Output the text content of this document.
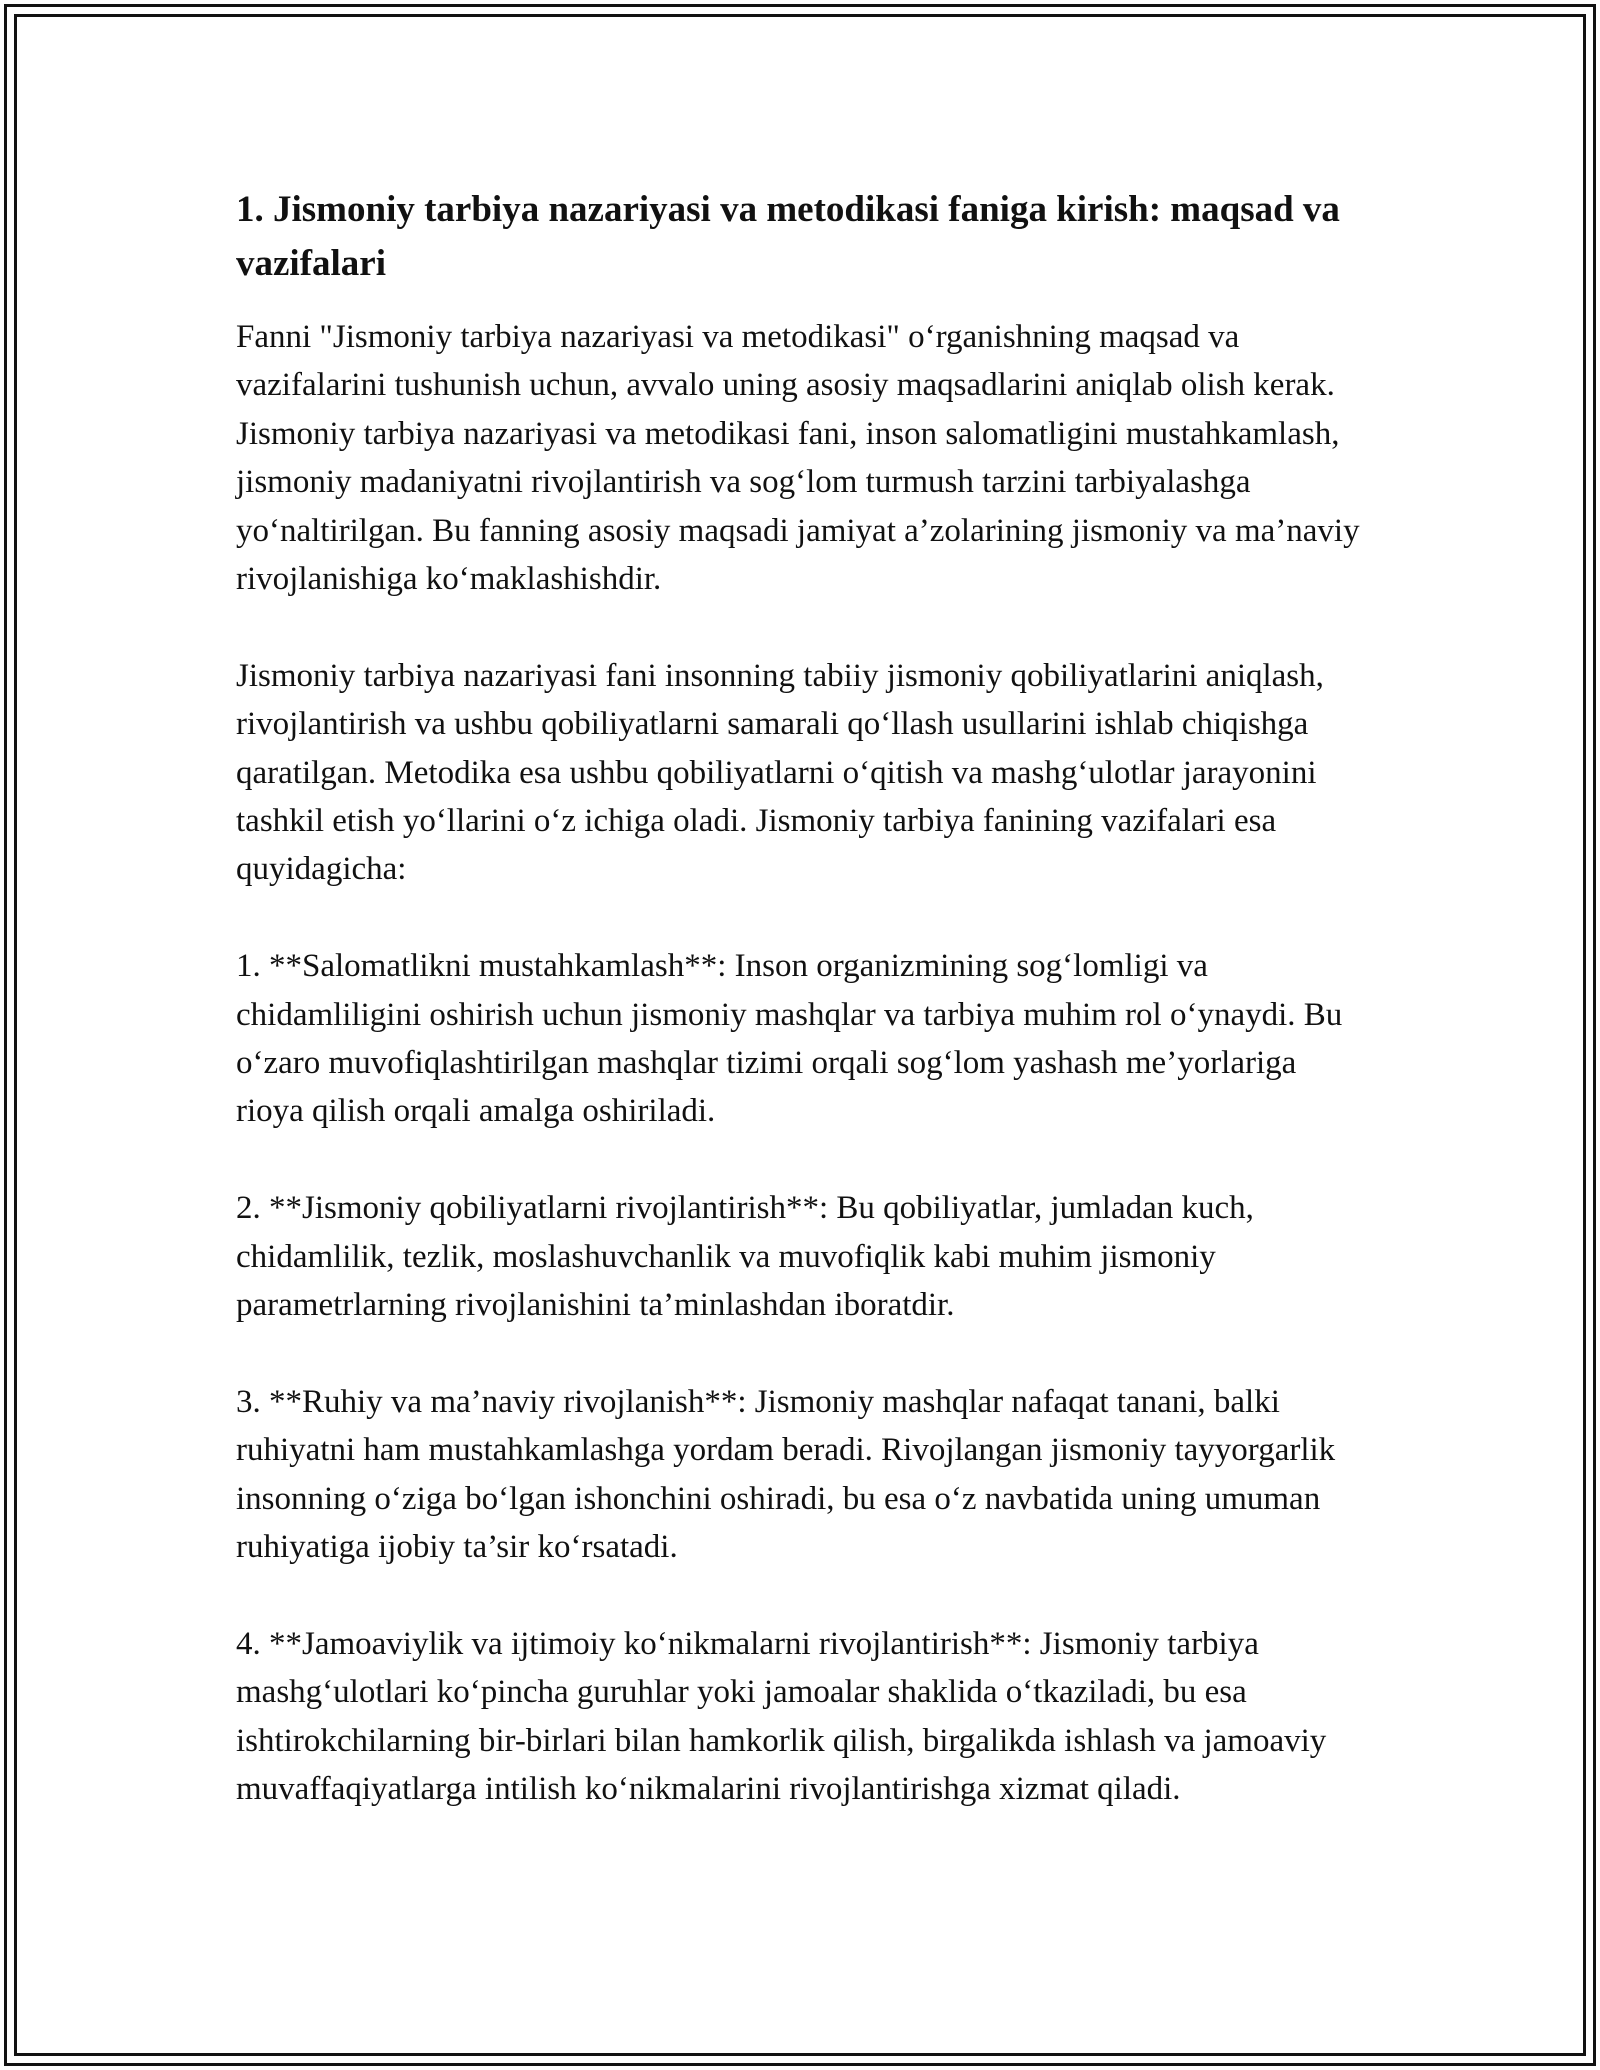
1. Jismoniy tarbiya nazariyasi va metodikasi faniga kirish: maqsad va vazifalari

Fanni "Jismoniy tarbiya nazariyasi va metodikasi" o‘rganishning maqsad va vazifalarini tushunish uchun, avvalo uning asosiy maqsadlarini aniqlab olish kerak. Jismoniy tarbiya nazariyasi va metodikasi fani, inson salomatligini mustahkamlash, jismoniy madaniyatni rivojlantirish va sog‘lom turmush tarzini tarbiyalashga yo‘naltirilgan. Bu fanning asosiy maqsadi jamiyat a’zolarining jismoniy va ma’naviy rivojlanishiga ko‘maklashishdir.

Jismoniy tarbiya nazariyasi fani insonning tabiiy jismoniy qobiliyatlarini aniqlash, rivojlantirish va ushbu qobiliyatlarni samarali qo‘llash usullarini ishlab chiqishga qaratilgan. Metodika esa ushbu qobiliyatlarni o‘qitish va mashg‘ulotlar jarayonini tashkil etish yo‘llarini o‘z ichiga oladi. Jismoniy tarbiya fanining vazifalari esa quyidagicha:

1. **Salomatlikni mustahkamlash**: Inson organizmining sog‘lomligi va chidamliligini oshirish uchun jismoniy mashqlar va tarbiya muhim rol o‘ynaydi. Bu o‘zaro muvofiqlashtirilgan mashqlar tizimi orqali sog‘lom yashash me’yorlariga rioya qilish orqali amalga oshiriladi.

2. **Jismoniy qobiliyatlarni rivojlantirish**: Bu qobiliyatlar, jumladan kuch, chidamlilik, tezlik, moslashuvchanlik va muvofiqlik kabi muhim jismoniy parametrlarning rivojlanishini ta’minlashdan iboratdir.

3. **Ruhiy va ma’naviy rivojlanish**: Jismoniy mashqlar nafaqat tanani, balki ruhiyatni ham mustahkamlashga yordam beradi. Rivojlangan jismoniy tayyorgarlik insonning o‘ziga bo‘lgan ishonchini oshiradi, bu esa o‘z navbatida uning umuman ruhiyatiga ijobiy ta’sir ko‘rsatadi.

4. **Jamoaviylik va ijtimoiy ko‘nikmalarni rivojlantirish**: Jismoniy tarbiya mashg‘ulotlari ko‘pincha guruhlar yoki jamoalar shaklida o‘tkaziladi, bu esa ishtirokchilarning bir-birlari bilan hamkorlik qilish, birgalikda ishlash va jamoaviy muvaffaqiyatlarga intilish ko‘nikmalarini rivojlantirishga xizmat qiladi.
